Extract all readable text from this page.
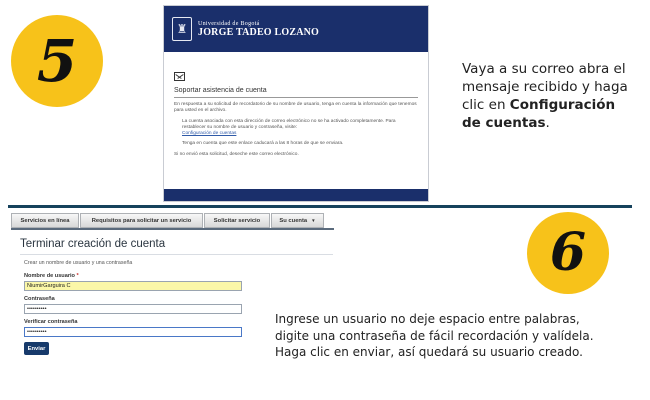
5	♜ Universidad de Bogotá
JORGE TADEO LOZANO
Soportar asistencia de cuenta

En respuesta a su solicitud de recordatorio de su nombre de usuario, tenga en cuenta la información que tenemos para usted en el archivo.

La cuenta asociada con esta dirección de correo electrónico no se ha activado completamente. Para restablecer su nombre de usuario y contraseña, visite:
Configuración de cuentas

Tenga en cuenta que este enlace caducará a las 8 horas de que se enviara.

Si no envió esta solicitud, deseche este correo electrónico.

Vaya a su correo abra el mensaje recibido y haga clic en Configuración de cuentas.
Servicios en línea	Requisitos para solicitar un servicio	Solicitar servicio	Su cuenta ▼
Terminar creación de cuenta
Crear un nombre de usuario y una contraseña
Nombre de usuario *
NiumirGarguira C
Contraseña
••••••••••
Verificar contraseña
••••••••••
Enviar
6
Ingrese un usuario no deje espacio entre palabras, digite una contraseña de fácil recordación y valídela. Haga clic en enviar, así quedará su usuario creado.
